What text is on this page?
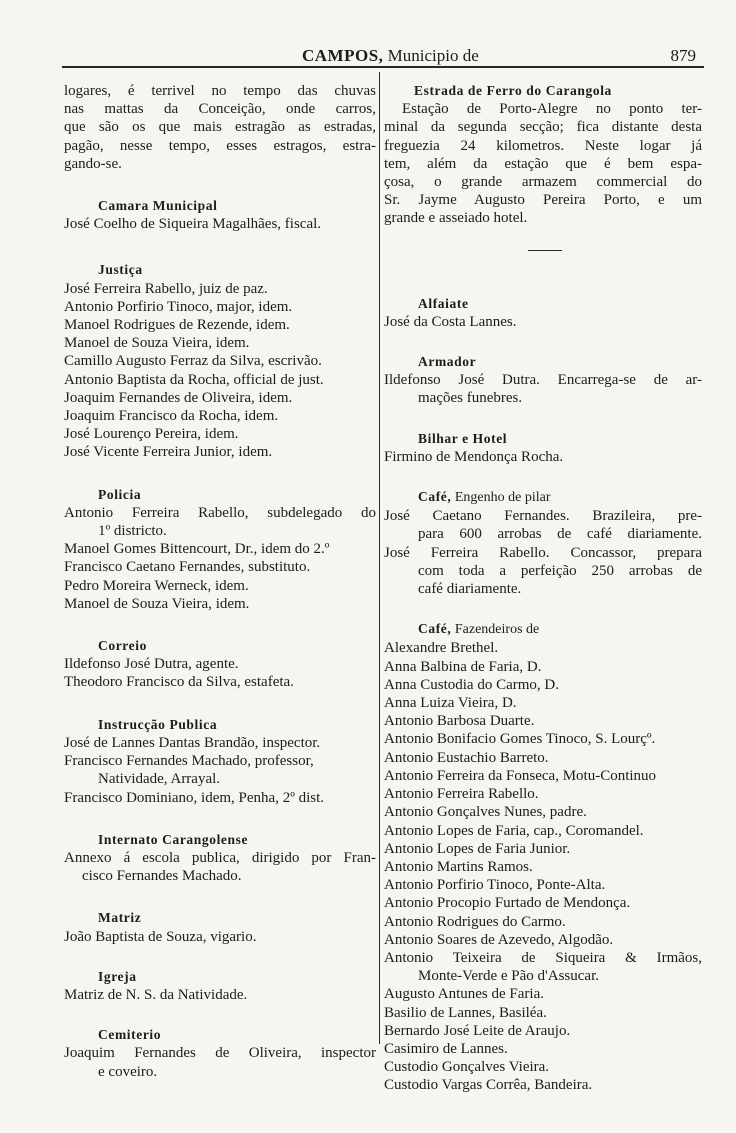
CAMPOS, Municipio de	879
logares, é terrivel no tempo das chuvas
nas mattas da Conceição, onde carros,
que são os que mais estragão as estradas,
pagão, nesse tempo, esses estragos, estra-
gando-se.
Camara Municipal
José Coelho de Siqueira Magalhães, fiscal.
Justiça
José Ferreira Rabello, juiz de paz.
Antonio Porfirio Tinoco, major, idem.
Manoel Rodrigues de Rezende, idem.
Manoel de Souza Vieira, idem.
Camillo Augusto Ferraz da Silva, escrivão.
Antonio Baptista da Rocha, official de just.
Joaquim Fernandes de Oliveira, idem.
Joaquim Francisco da Rocha, idem.
José Lourenço Pereira, idem.
José Vicente Ferreira Junior, idem.
Policia
Antonio Ferreira Rabello, subdelegado do
1º districto.
Manoel Gomes Bittencourt, Dr., idem do 2.º
Francisco Caetano Fernandes, substituto.
Pedro Moreira Werneck, idem.
Manoel de Souza Vieira, idem.
Correio
Ildefonso José Dutra, agente.
Theodoro Francisco da Silva, estafeta.
Instrucção Publica
José de Lannes Dantas Brandão, inspector.
Francisco Fernandes Machado, professor,
Natividade, Arrayal.
Francisco Dominiano, idem, Penha, 2º dist.
Internato Carangolense
Annexo á escola publica, dirigido por Fran-
cisco Fernandes Machado.
Matriz
João Baptista de Souza, vigario.
Igreja
Matriz de N. S. da Natividade.
Cemiterio
Joaquim Fernandes de Oliveira, inspector
e coveiro.
Estrada de Ferro do Carangola
Estação de Porto-Alegre no ponto ter-
minal da segunda secção; fica distante desta
freguezia 24 kilometros. Neste logar já
tem, além da estação que é bem espa-
çosa, o grande armazem commercial do
Sr. Jayme Augusto Pereira Porto, e um
grande e asseiado hotel.
Alfaiate
José da Costa Lannes.
Armador
Ildefonso José Dutra. Encarrega-se de ar-
mações funebres.
Bilhar e Hotel
Firmino de Mendonça Rocha.
Café, Engenho de pilar
José Caetano Fernandes. Brazileira, pre-
para 600 arrobas de café diariamente.
José Ferreira Rabello. Concassor, prepara
com toda a perfeição 250 arrobas de
café diariamente.
Café, Fazendeiros de
Alexandre Brethel.
Anna Balbina de Faria, D.
Anna Custodia do Carmo, D.
Anna Luiza Vieira, D.
Antonio Barbosa Duarte.
Antonio Bonifacio Gomes Tinoco, S. Lourçº.
Antonio Eustachio Barreto.
Antonio Ferreira da Fonseca, Motu-Continuo
Antonio Ferreira Rabello.
Antonio Gonçalves Nunes, padre.
Antonio Lopes de Faria, cap., Coromandel.
Antonio Lopes de Faria Junior.
Antonio Martins Ramos.
Antonio Porfirio Tinoco, Ponte-Alta.
Antonio Procopio Furtado de Mendonça.
Antonio Rodrigues do Carmo.
Antonio Soares de Azevedo, Algodão.
Antonio Teixeira de Siqueira & Irmãos,
Monte-Verde e Pão d'Assucar.
Augusto Antunes de Faria.
Basilio de Lannes, Basiléa.
Bernardo José Leite de Araujo.
Casimiro de Lannes.
Custodio Gonçalves Vieira.
Custodio Vargas Corrêa, Bandeira.
